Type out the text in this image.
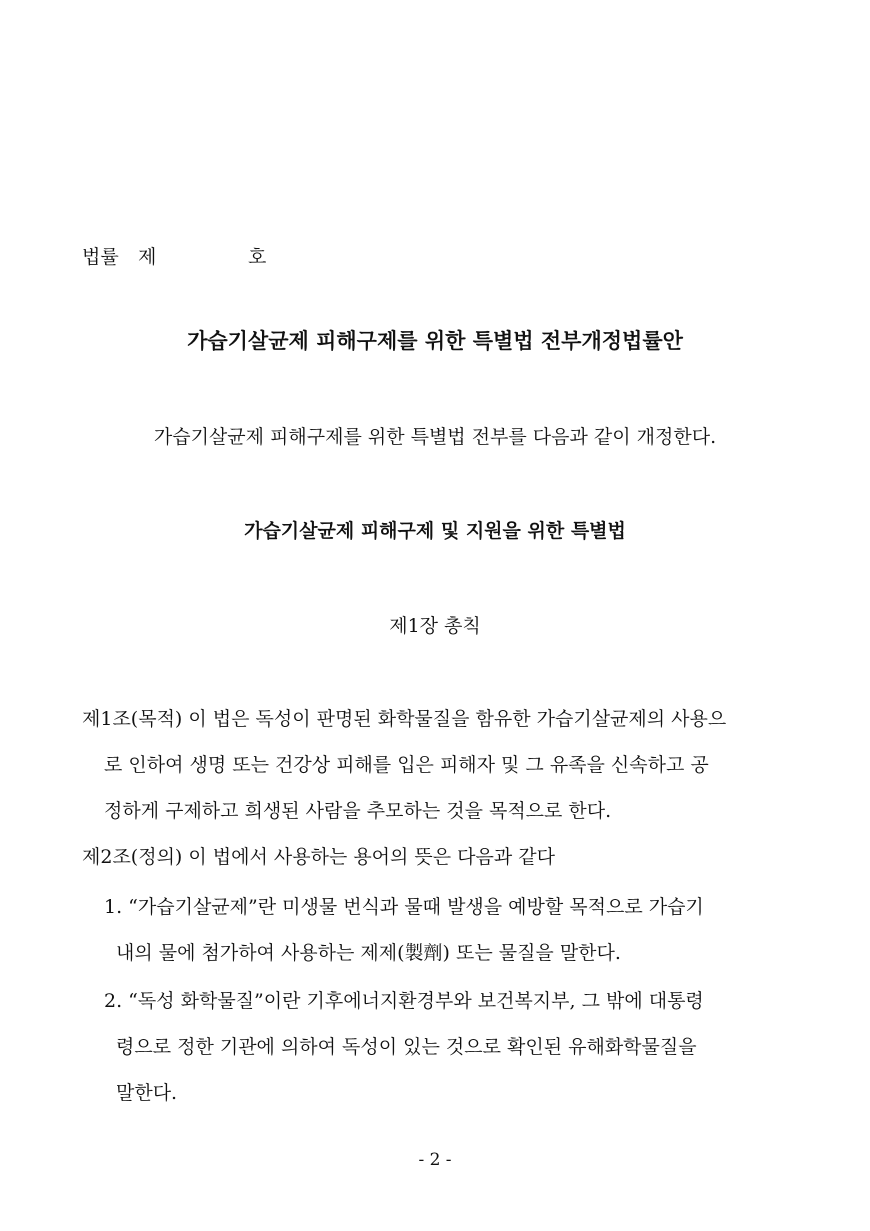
법률 제	호
가습기살균제 피해구제를 위한 특별법 전부개정법률안
가습기살균제 피해구제를 위한 특별법 전부를 다음과 같이 개정한다.
가습기살균제 피해구제 및 지원을 위한 특별법
제1장 총칙
제1조(목적) 이 법은 독성이 판명된 화학물질을 함유한 가습기살균제의 사용으
로 인하여 생명 또는 건강상 피해를 입은 피해자 및 그 유족을 신속하고 공
정하게 구제하고 희생된 사람을 추모하는 것을 목적으로 한다.
제2조(정의) 이 법에서 사용하는 용어의 뜻은 다음과 같다
1. “가습기살균제”란 미생물 번식과 물때 발생을 예방할 목적으로 가습기
내의 물에 첨가하여 사용하는 제제(製劑) 또는 물질을 말한다.
2. “독성 화학물질”이란 기후에너지환경부와 보건복지부, 그 밖에 대통령
령으로 정한 기관에 의하여 독성이 있는 것으로 확인된 유해화학물질을
말한다.
- 2 -
